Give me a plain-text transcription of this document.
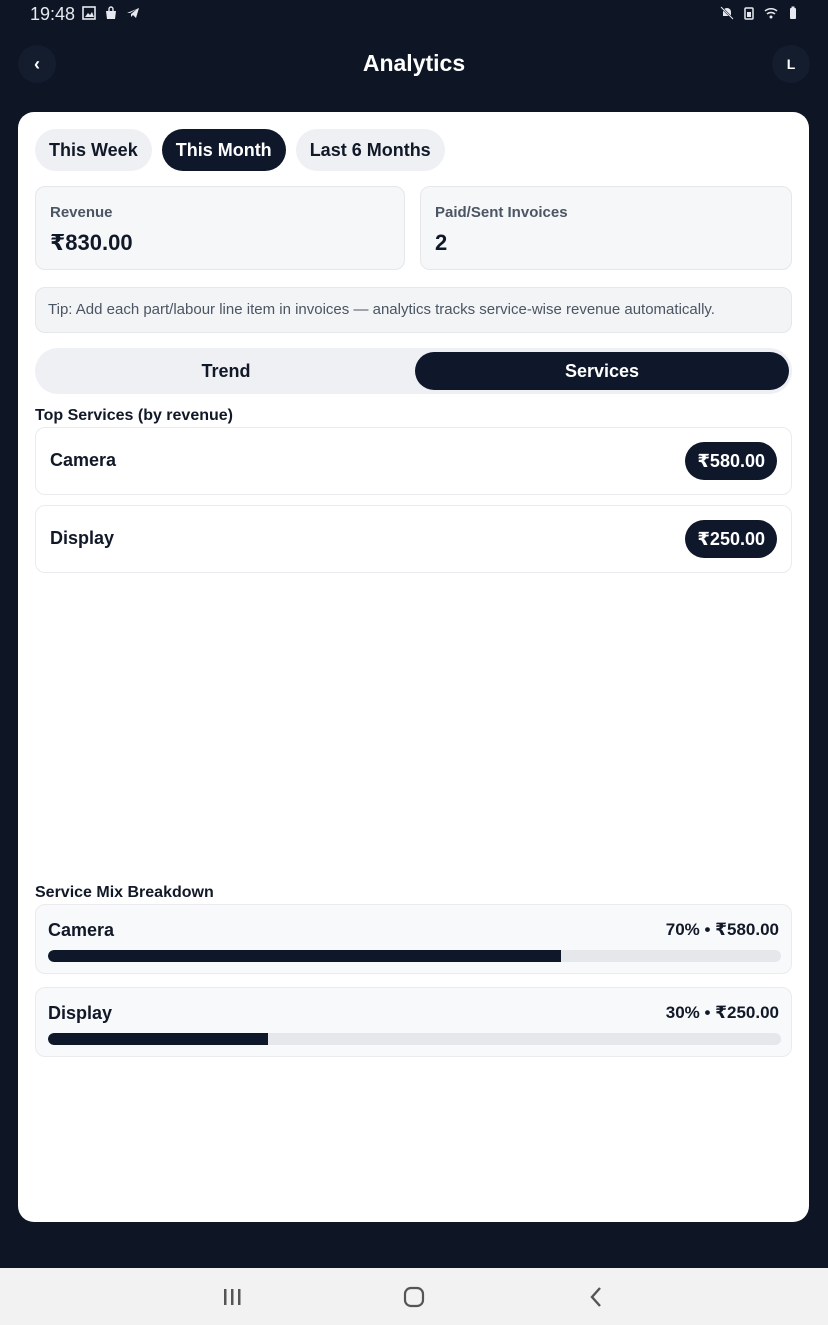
19:48
‹	Analytics	L
This Week	This Month	Last 6 Months
Revenue
₹830.00
Paid/Sent Invoices
2
Tip: Add each part/labour line item in invoices — analytics tracks service-wise revenue automatically.
Trend	Services
Top Services (by revenue)
Camera	₹580.00
Display	₹250.00
Service Mix Breakdown
Camera	70% • ₹580.00
Display	30% • ₹250.00
